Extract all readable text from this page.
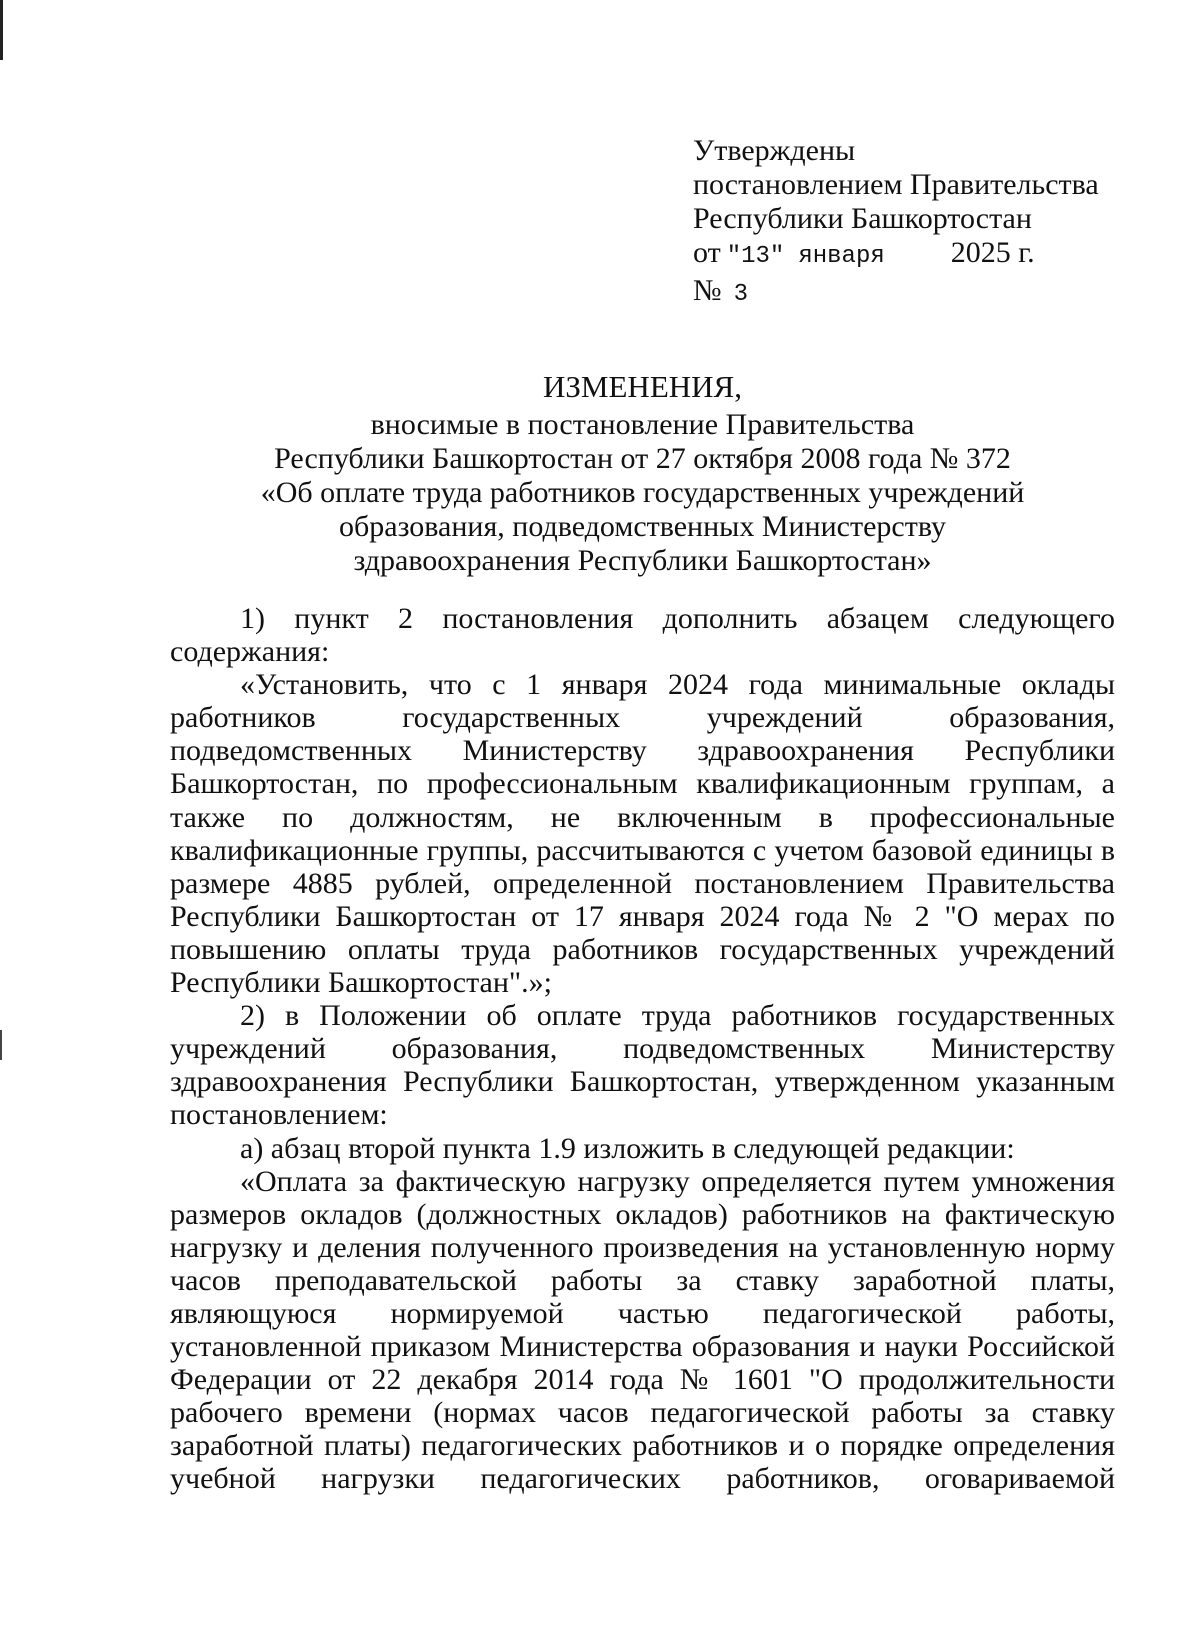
Утверждены
постановлением Правительства
Республики Башкортостан
от "13" января 2025 г.
№ 3
ИЗМЕНЕНИЯ,
вносимые в постановление Правительства
Республики Башкортостан от 27 октября 2008 года № 372
«Об оплате труда работников государственных учреждений
образования, подведомственных Министерству
здравоохранения Республики Башкортостан»

1) пункт 2 постановления дополнить абзацем следующего содержания:

«Установить, что с 1 января 2024 года минимальные оклады работников государственных учреждений образования, подведомственных Министерству здравоохранения Республики Башкортостан, по профессиональным квалификационным группам, а также по должностям, не включенным в профессиональные квалификационные группы, рассчитываются с учетом базовой единицы в размере 4885 рублей, определенной постановлением Правительства Республики Башкортостан от 17 января 2024 года № 2 "О мерах по повышению оплаты труда работников государственных учреждений Республики Башкортостан".»;

2) в Положении об оплате труда работников государственных учреждений образования, подведомственных Министерству здравоохранения Республики Башкортостан, утвержденном указанным постановлением:

а) абзац второй пункта 1.9 изложить в следующей редакции:

«Оплата за фактическую нагрузку определяется путем умножения размеров окладов (должностных окладов) работников на фактическую нагрузку и деления полученного произведения на установленную норму часов преподавательской работы за ставку заработной платы, являющуюся нормируемой частью педагогической работы, установленной приказом Министерства образования и науки Российской Федерации от 22 декабря 2014 года № 1601 "О продолжительности рабочего времени (нормах часов педагогической работы за ставку заработной платы) педагогических работников и о порядке определения учебной нагрузки педагогических работников, оговариваемой
